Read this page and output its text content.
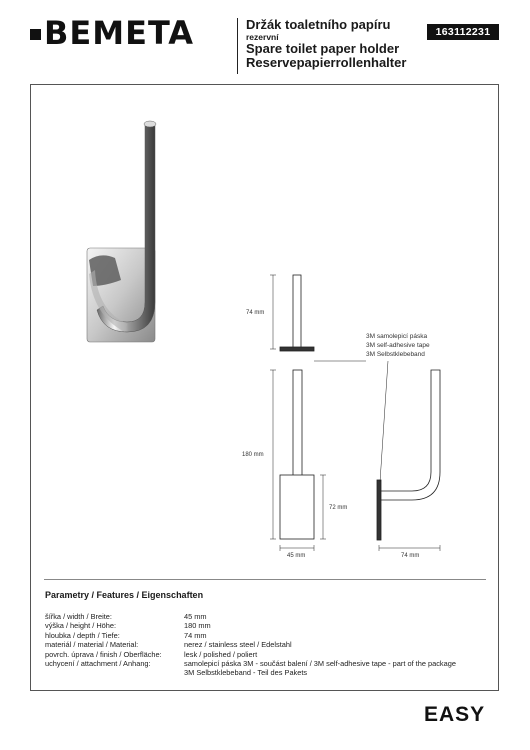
BEMETA	Držák toaletního papíru
rezervní
Spare toilet paper holder
Reservepapierrollenhalter
163112231
74 mm
180 mm
72 mm
45 mm	74 mm
3M samolepicí páska
3M self-adhesive tape
3M Selbstklebeband
Parametry / Features / Eigenschaften
šířka / width / Breite:	45 mm
výška / height / Höhe:	180 mm
hloubka / depth / Tiefe:	74 mm
materiál / material / Material:	nerez / stainless steel / Edelstahl
povrch. úprava / finish / Oberfläche:	lesk / polished / poliert
uchycení / attachment / Anhang:	samolepicí páska 3M - součást balení / 3M self-adhesive tape - part of the package
3M Selbstklebeband - Teil des Pakets
EASY
